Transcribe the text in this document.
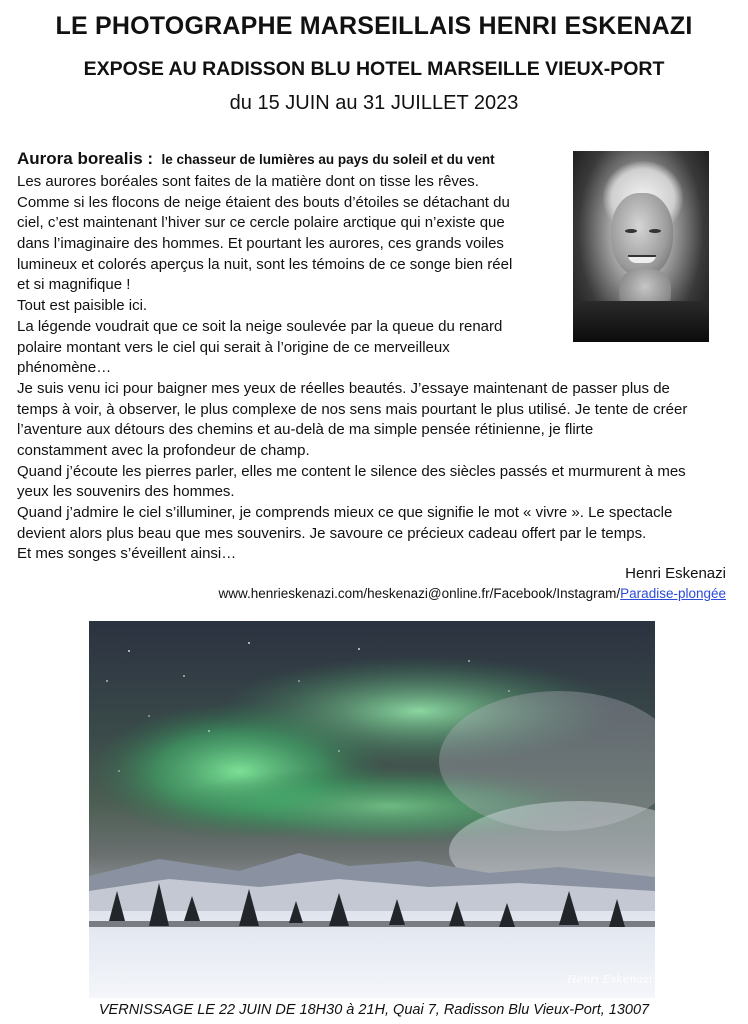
LE PHOTOGRAPHE MARSEILLAIS HENRI ESKENAZI
EXPOSE AU RADISSON BLU HOTEL MARSEILLE VIEUX-PORT
du 15 JUIN au 31 JUILLET 2023
Aurora borealis : le chasseur de lumières au pays du soleil et du vent
Les aurores boréales sont faites de la matière dont on tisse les rêves.
Comme si les flocons de neige étaient des bouts d’étoiles se détachant du
ciel, c’est maintenant l’hiver sur ce cercle polaire arctique qui n’existe que
dans l’imaginaire des hommes. Et pourtant les aurores, ces grands voiles
lumineux et colorés aperçus la nuit, sont les témoins de ce songe bien réel
et si magnifique !
Tout est paisible ici.
La légende voudrait que ce soit la neige soulevée par la queue du renard
polaire montant vers le ciel qui serait à l’origine de ce merveilleux
phénomène…
Je suis venu ici pour baigner mes yeux de réelles beautés. J’essaye maintenant de passer plus de
temps à voir, à observer, le plus complexe de nos sens mais pourtant le plus utilisé. Je tente de créer
l’aventure aux détours des chemins et au-delà de ma simple pensée rétinienne, je flirte
constamment avec la profondeur de champ.
Quand j’écoute les pierres parler, elles me content le silence des siècles passés et murmurent à mes
yeux les souvenirs des hommes.
Quand j’admire le ciel s’illuminer, je comprends mieux ce que signifie le mot « vivre ». Le spectacle
devient alors plus beau que mes souvenirs. Je savoure ce précieux cadeau offert par le temps.
Et mes songes s’éveillent ainsi…
Henri Eskenazi
www.henrieskenazi.com/heskenazi@online.fr/Facebook/Instagram/Paradise-plongée
Henri Eskenazi
VERNISSAGE LE 22 JUIN DE 18H30 à 21H, Quai 7, Radisson Blu Vieux-Port, 13007
